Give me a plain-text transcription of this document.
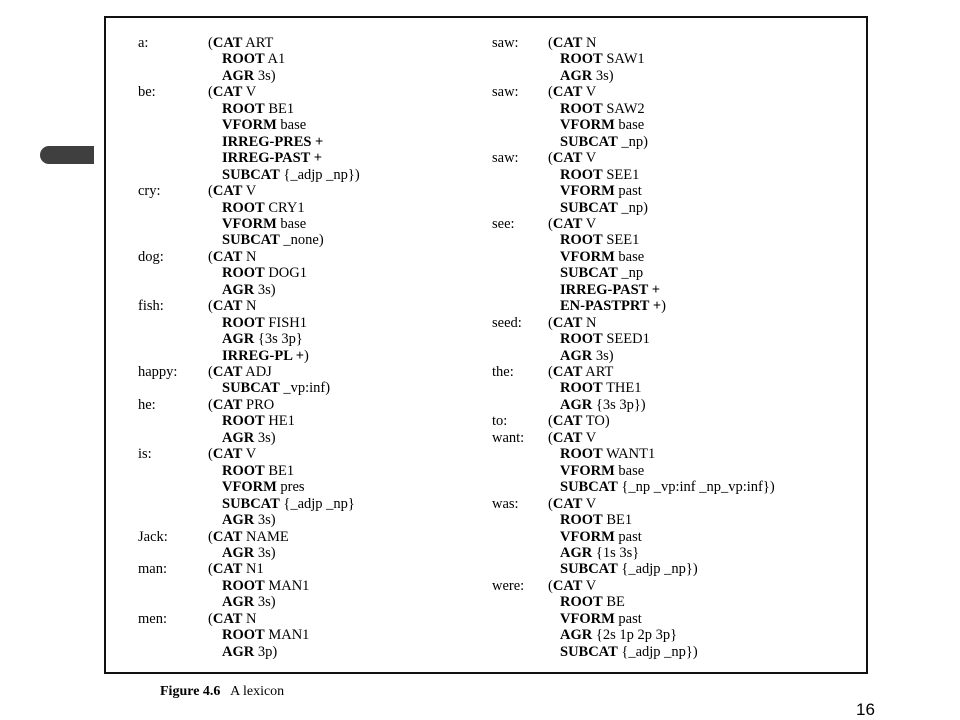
a:	(CAT ART
ROOT A1
AGR 3s)
be:	(CAT V
ROOT BE1
VFORM base
IRREG-PRES +
IRREG-PAST +
SUBCAT {_adjp _np})
cry:	(CAT V
ROOT CRY1
VFORM base
SUBCAT _none)
dog:	(CAT N
ROOT DOG1
AGR 3s)
fish:	(CAT N
ROOT FISH1
AGR {3s 3p}
IRREG-PL +)
happy: (CAT ADJ
SUBCAT _vp:inf)
he:	(CAT PRO
ROOT HE1
AGR 3s)
is:	(CAT V
ROOT BE1
VFORM pres
SUBCAT {_adjp _np}
AGR 3s)
Jack:	(CAT NAME
AGR 3s)
man:	(CAT N1
ROOT MAN1
AGR 3s)
men:	(CAT N
ROOT MAN1
AGR 3p)
saw: (CAT N
ROOT SAW1
AGR 3s)
saw: (CAT V
ROOT SAW2
VFORM base
SUBCAT _np)
saw: (CAT V
ROOT SEE1
VFORM past
SUBCAT _np)
see: (CAT V
ROOT SEE1
VFORM base
SUBCAT _np
IRREG-PAST +
EN-PASTPRT +)
seed: (CAT N
ROOT SEED1
AGR 3s)
the: (CAT ART
ROOT THE1
AGR {3s 3p})
to:	(CAT TO)
want: (CAT V
ROOT WANT1
VFORM base
SUBCAT {_np _vp:inf _np_vp:inf})
was: (CAT V
ROOT BE1
VFORM past
AGR {1s 3s}
SUBCAT {_adjp _np})
were: (CAT V
ROOT BE
VFORM past
AGR {2s 1p 2p 3p}
SUBCAT {_adjp _np})
Figure 4.6 A lexicon
16
